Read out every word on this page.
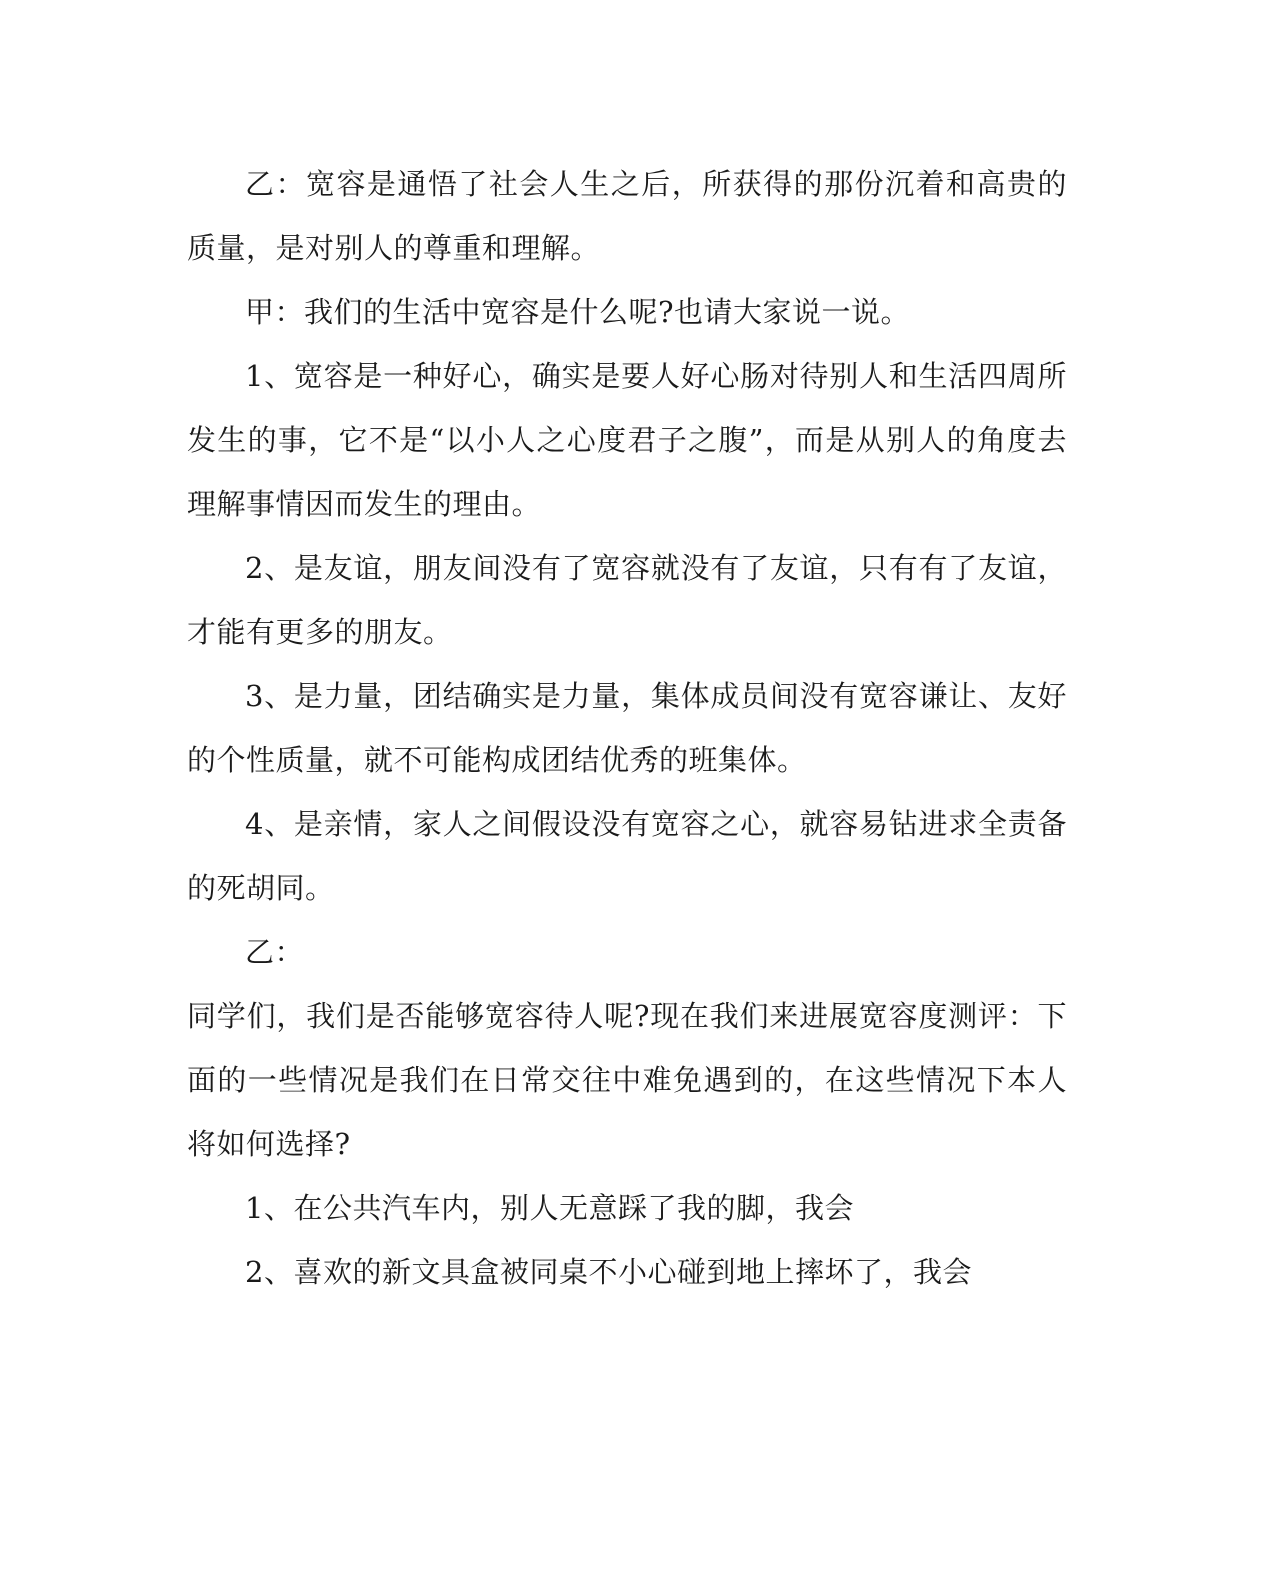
乙：宽容是通悟了社会人生之后，所获得的那份沉着和高贵的质量，是对别人的尊重和理解。

甲：我们的生活中宽容是什么呢?也请大家说一说。

1、宽容是一种好心，确实是要人好心肠对待别人和生活四周所发生的事，它不是“以小人之心度君子之腹”，而是从别人的角度去理解事情因而发生的理由。

2、是友谊，朋友间没有了宽容就没有了友谊，只有有了友谊，才能有更多的朋友。

3、是力量，团结确实是力量，集体成员间没有宽容谦让、友好的个性质量，就不可能构成团结优秀的班集体。

4、是亲情，家人之间假设没有宽容之心，就容易钻进求全责备的死胡同。

乙：

同学们，我们是否能够宽容待人呢?现在我们来进展宽容度测评：下面的一些情况是我们在日常交往中难免遇到的，在这些情况下本人将如何选择?

1、在公共汽车内，别人无意踩了我的脚，我会

2、喜欢的新文具盒被同桌不小心碰到地上摔坏了，我会
